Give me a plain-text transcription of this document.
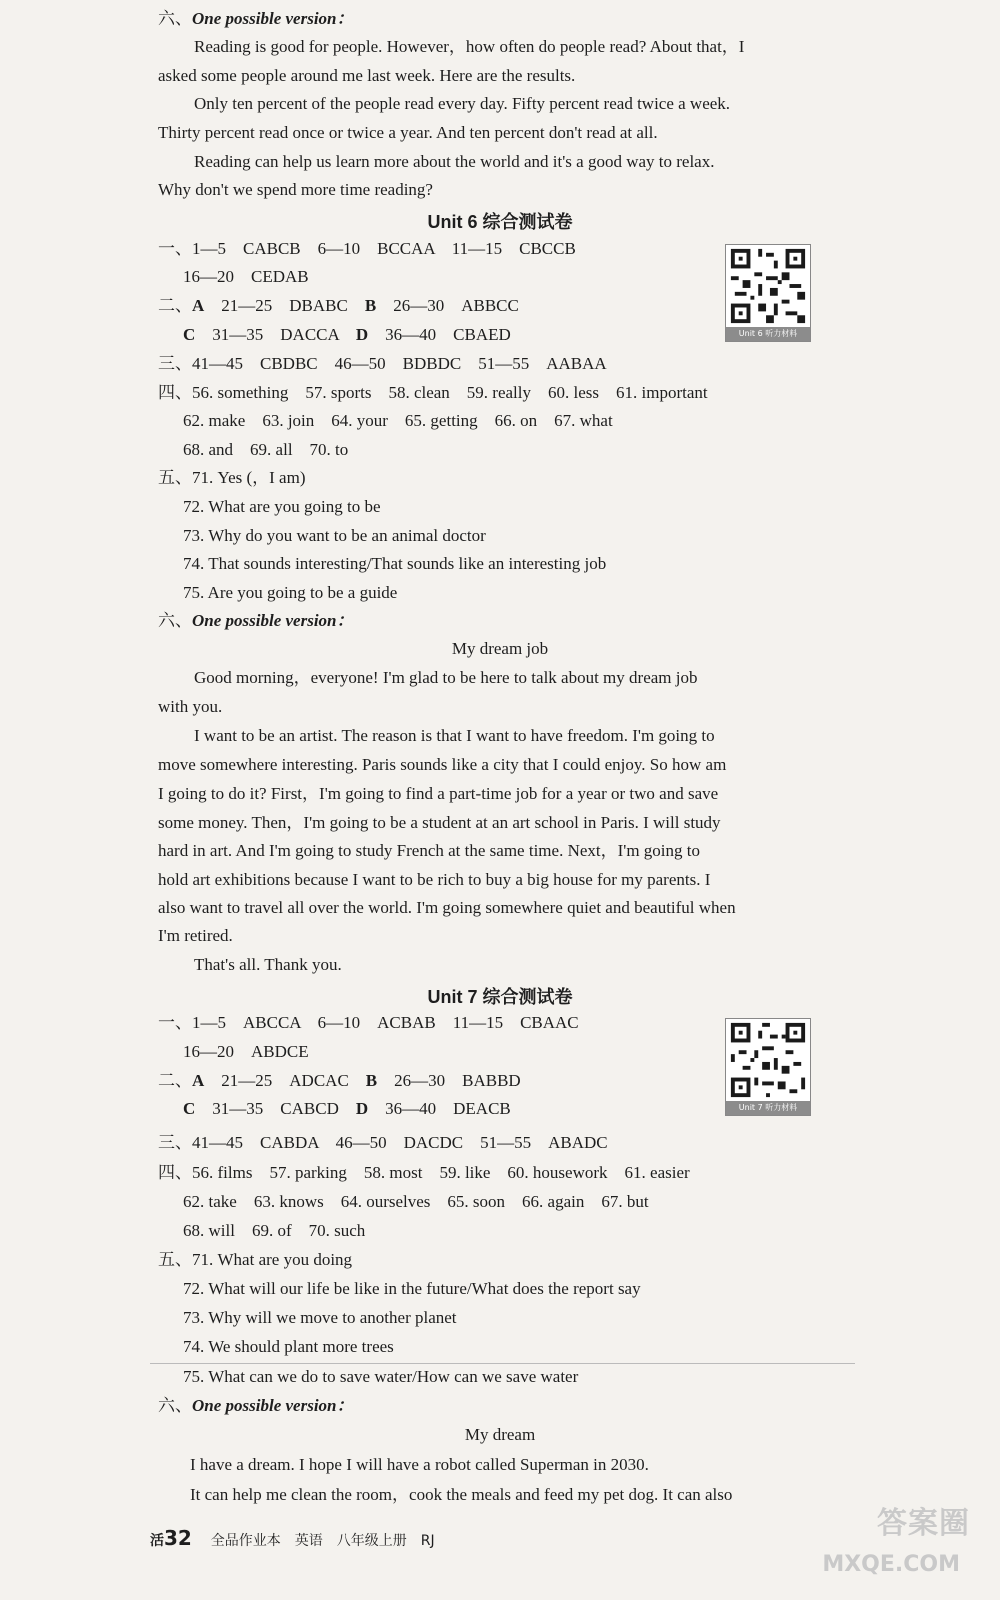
六、One possible version：
Reading is good for people. However，how often do people read? About that，I
asked some people around me last week. Here are the results.
Only ten percent of the people read every day. Fifty percent read twice a week.
Thirty percent read once or twice a year. And ten percent don't read at all.
Reading can help us learn more about the world and it's a good way to relax.
Why don't we spend more time reading?
Unit 6 综合测试卷
Unit 6 听力材料
一、1—5　CABCB　6—10　BCCAA　11—15　CBCCB
16—20　CEDAB
二、A　21—25　DBABC　B　26—30　ABBCC
C　31—35　DACCA　D　36—40　CBAED
三、41—45　CBDBC　46—50　BDBDC　51—55　AABAA
四、56. something　57. sports　58. clean　59. really　60. less　61. important
62. make　63. join　64. your　65. getting　66. on　67. what
68. and　69. all　70. to
五、71. Yes (，I am)
72. What are you going to be
73. Why do you want to be an animal doctor
74. That sounds interesting/That sounds like an interesting job
75. Are you going to be a guide
六、One possible version：
My dream job
Good morning，everyone! I'm glad to be here to talk about my dream job
with you.
I want to be an artist. The reason is that I want to have freedom. I'm going to
move somewhere interesting. Paris sounds like a city that I could enjoy. So how am
I going to do it? First，I'm going to find a part-time job for a year or two and save
some money. Then，I'm going to be a student at an art school in Paris. I will study
hard in art. And I'm going to study French at the same time. Next，I'm going to
hold art exhibitions because I want to be rich to buy a big house for my parents. I
also want to travel all over the world. I'm going somewhere quiet and beautiful when
I'm retired.
That's all. Thank you.
Unit 7 综合测试卷
Unit 7 听力材料
一、1—5　ABCCA　6—10　ACBAB　11—15　CBAAC
16—20　ABDCE
二、A　21—25　ADCAC　B　26—30　BABBD
C　31—35　CABCD　D　36—40　DEACB
三、41—45　CABDA　46—50　DACDC　51—55　ABADC
四、56. films　57. parking　58. most　59. like　60. housework　61. easier
62. take　63. knows　64. ourselves　65. soon　66. again　67. but
68. will　69. of　70. such
五、71. What are you doing
72. What will our life be like in the future/What does the report say
73. Why will we move to another planet
74. We should plant more trees
75. What can we do to save water/How can we save water
六、One possible version：
My dream
I have a dream. I hope I will have a robot called Superman in 2030.
It can help me clean the room，cook the meals and feed my pet dog. It can also
活32 全品作业本　英语　八年级上册　RJ	答案圈
MXQE.COM
